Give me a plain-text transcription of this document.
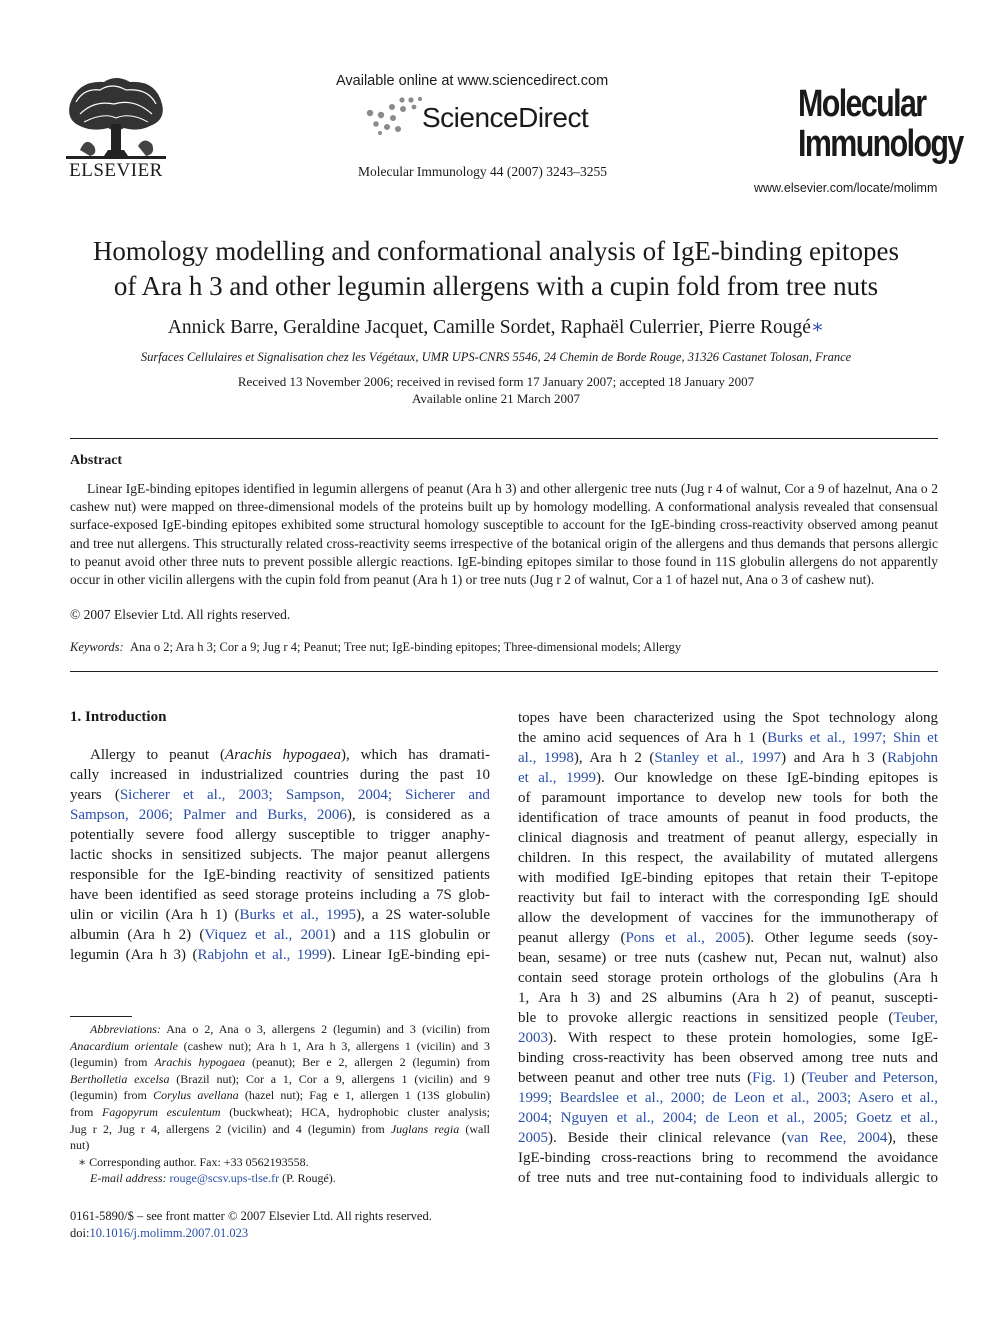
ELSEVIER
Available online at www.sciencedirect.com
ScienceDirect
Molecular Immunology 44 (2007) 3243–3255
Molecular
Immunology
www.elsevier.com/locate/molimm
Homology modelling and conformational analysis of IgE-binding epitopes
of Ara h 3 and other legumin allergens with a cupin fold from tree nuts
Annick Barre, Geraldine Jacquet, Camille Sordet, Raphaël Culerrier, Pierre Rougé∗
Surfaces Cellulaires et Signalisation chez les Végétaux, UMR UPS-CNRS 5546, 24 Chemin de Borde Rouge, 31326 Castanet Tolosan, France
Received 13 November 2006; received in revised form 17 January 2007; accepted 18 January 2007
Available online 21 March 2007
Abstract

Linear IgE-binding epitopes identified in legumin allergens of peanut (Ara h 3) and other allergenic tree nuts (Jug r 4 of walnut, Cor a 9 of hazelnut, Ana o 2 cashew nut) were mapped on three-dimensional models of the proteins built up by homology modelling. A conformational analysis revealed that consensual surface-exposed IgE-binding epitopes exhibited some structural homology susceptible to account for the IgE-binding cross-reactivity observed among peanut and tree nut allergens. This structurally related cross-reactivity seems irrespective of the botanical origin of the allergens and thus demands that persons allergic to peanut avoid other three nuts to prevent possible allergic reactions. IgE-binding epitopes similar to those found in 11S globulin allergens do not apparently occur in other vicilin allergens with the cupin fold from peanut (Ara h 1) or tree nuts (Jug r 2 of walnut, Cor a 1 of hazel nut, Ana o 3 of cashew nut).

© 2007 Elsevier Ltd. All rights reserved.
Keywords: Ana o 2; Ara h 3; Cor a 9; Jug r 4; Peanut; Tree nut; IgE-binding epitopes; Three-dimensional models; Allergy
1. Introduction
Allergy to peanut (Arachis hypogaea), which has dramati-
cally increased in industrialized countries during the past 10
years (Sicherer et al., 2003; Sampson, 2004; Sicherer and
Sampson, 2006; Palmer and Burks, 2006), is considered as a
potentially severe food allergy susceptible to trigger anaphy-
lactic shocks in sensitized subjects. The major peanut allergens
responsible for the IgE-binding reactivity of sensitized patients
have been identified as seed storage proteins including a 7S glob-
ulin or vicilin (Ara h 1) (Burks et al., 1995), a 2S water-soluble
albumin (Ara h 2) (Viquez et al., 2001) and a 11S globulin or
legumin (Ara h 3) (Rabjohn et al., 1999). Linear IgE-binding epi-
topes have been characterized using the Spot technology along
the amino acid sequences of Ara h 1 (Burks et al., 1997; Shin et
al., 1998), Ara h 2 (Stanley et al., 1997) and Ara h 3 (Rabjohn
et al., 1999). Our knowledge on these IgE-binding epitopes is
of paramount importance to develop new tools for both the
identification of trace amounts of peanut in food products, the
clinical diagnosis and treatment of peanut allergy, especially in
children. In this respect, the availability of mutated allergens
with modified IgE-binding epitopes that retain their T-epitope
reactivity but fail to interact with the corresponding IgE should
allow the development of vaccines for the immunotherapy of
peanut allergy (Pons et al., 2005). Other legume seeds (soy-
bean, sesame) or tree nuts (cashew nut, Pecan nut, walnut) also
contain seed storage protein orthologs of the globulins (Ara h
1, Ara h 3) and 2S albumins (Ara h 2) of peanut, suscepti-
ble to provoke allergic reactions in sensitized people (Teuber,
2003). With respect to these protein homologies, some IgE-
binding cross-reactivity has been observed among tree nuts and
between peanut and other tree nuts (Fig. 1) (Teuber and Peterson,
1999; Beardslee et al., 2000; de Leon et al., 2003; Asero et al.,
2004; Nguyen et al., 2004; de Leon et al., 2005; Goetz et al.,
2005). Beside their clinical relevance (van Ree, 2004), these
IgE-binding cross-reactions bring to recommend the avoidance
of tree nuts and tree nut-containing food to individuals allergic to
Abbreviations: Ana o 2, Ana o 3, allergens 2 (legumin) and 3 (vicilin) from
Anacardium orientale (cashew nut); Ara h 1, Ara h 3, allergens 1 (vicilin) and 3
(legumin) from Arachis hypogaea (peanut); Ber e 2, allergen 2 (legumin) from
Bertholletia excelsa (Brazil nut); Cor a 1, Cor a 9, allergens 1 (vicilin) and 9
(legumin) from Corylus avellana (hazel nut); Fag e 1, allergen 1 (13S globulin)
from Fagopyrum esculentum (buckwheat); HCA, hydrophobic cluster analysis;
Jug r 2, Jug r 4, allergens 2 (vicilin) and 4 (legumin) from Juglans regia (wall
nut)

∗ Corresponding author. Fax: +33 0562193558.

E-mail address: rouge@scsv.ups-tlse.fr (P. Rougé).

0161-5890/$ – see front matter © 2007 Elsevier Ltd. All rights reserved.
doi:10.1016/j.molimm.2007.01.023
